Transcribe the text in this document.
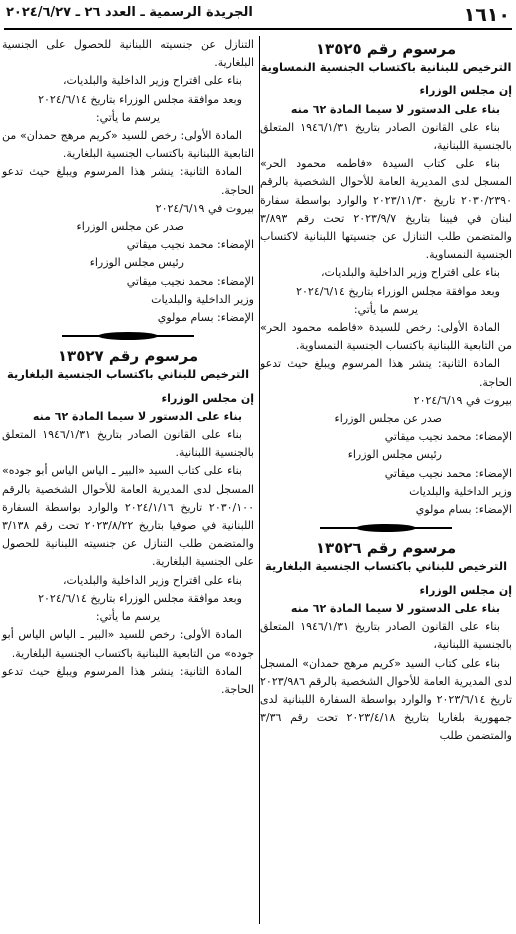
١٦١٠
الجريدة الرسمية ـ العدد ٢٦ ـ ٢٠٢٤/٦/٢٧
مرسوم رقم ١٣٥٢٥
الترخيص للبنانية باكتساب الجنسية النمساوية

إن مجلس الوزراء

بناء على الدستور لا سيما المادة ٦٢ منه

بناء على القانون الصادر بتاريخ ١٩٤٦/١/٣١ المتعلق بالجنسية اللبنانية،

بناء على كتاب السيدة «فاطمه محمود الحر» المسجل لدى المديرية العامة للأحوال الشخصية بالرقم ٢٠٣٠/٢٣٩٠ تاريخ ٢٠٢٣/١١/٣٠ والوارد بواسطة سفارة لبنان في فيينا بتاريخ ٢٠٢٣/٩/٧ تحت رقم ٣/٨٩٣ والمتضمن طلب التنازل عن جنسيتها اللبنانية لاكتساب الجنسية النمساوية.

بناء على اقتراح وزير الداخلية والبلديات،

وبعد موافقة مجلس الوزراء بتاريخ ٢٠٢٤/٦/١٤

يرسم ما يأتي:

المادة الأولى: رخص للسيدة «فاطمه محمود الحر» من التابعية اللبنانية باكتساب الجنسية النمساوية.

المادة الثانية: ينشر هذا المرسوم ويبلغ حيث تدعو الحاجة.

بيروت في ٢٠٢٤/٦/١٩

صدر عن مجلس الوزراء

الإمضاء: محمد نجيب ميقاتي

رئيس مجلس الوزراء

الإمضاء: محمد نجيب ميقاتي

وزير الداخلية والبلديات

الإمضاء: بسام مولوي

مرسوم رقم ١٣٥٢٦
الترخيص للبناني باكتساب الجنسية البلغارية

إن مجلس الوزراء

بناء على الدستور لا سيما المادة ٦٢ منه

بناء على القانون الصادر بتاريخ ١٩٤٦/١/٣١ المتعلق بالجنسية اللبنانية،

بناء على كتاب السيد «كريم مرهج حمدان» المسجل لدى المديرية العامة للأحوال الشخصية بالرقم ٢٠٢٣/٩٨٦ تاريخ ٢٠٢٣/٦/١٤ والوارد بواسطة السفارة اللبنانية لدى جمهورية بلغاريا بتاريخ ٢٠٢٣/٤/١٨ تحت رقم ٣/٣٦ والمتضمن طلب

التنازل عن جنسيته اللبنانية للحصول على الجنسية البلغارية.

بناء على اقتراح وزير الداخلية والبلديات،

وبعد موافقة مجلس الوزراء بتاريخ ٢٠٢٤/٦/١٤

يرسم ما يأتي:

المادة الأولى: رخص للسيد «كريم مرهج حمدان» من التابعية اللبنانية باكتساب الجنسية البلغارية.

المادة الثانية: ينشر هذا المرسوم ويبلغ حيث تدعو الحاجة.

بيروت في ٢٠٢٤/٦/١٩

صدر عن مجلس الوزراء

الإمضاء: محمد نجيب ميقاتي

رئيس مجلس الوزراء

الإمضاء: محمد نجيب ميقاتي

وزير الداخلية والبلديات

الإمضاء: بسام مولوي

مرسوم رقم ١٣٥٢٧
الترخيص للبناني باكتساب الجنسية البلغارية

إن مجلس الوزراء

بناء على الدستور لا سيما المادة ٦٢ منه

بناء على القانون الصادر بتاريخ ١٩٤٦/١/٣١ المتعلق بالجنسية اللبنانية.

بناء على كتاب السيد «البير ـ الياس الياس أبو جوده» المسجل لدى المديرية العامة للأحوال الشخصية بالرقم ٢٠٣٠/١٠٠ تاريخ ٢٠٢٤/١/١٦ والوارد بواسطة السفارة اللبنانية في صوفيا بتاريخ ٢٠٢٣/٨/٢٢ تحت رقم ٣/١٣٨ والمتضمن طلب التنازل عن جنسيته اللبنانية للحصول على الجنسية البلغارية.

بناء على اقتراح وزير الداخلية والبلديات،

وبعد موافقة مجلس الوزراء بتاريخ ٢٠٢٤/٦/١٤

يرسم ما يأتي:

المادة الأولى: رخص للسيد «البير ـ الياس الياس أبو جوده» من التابعية اللبنانية باكتساب الجنسية البلغارية.

المادة الثانية: ينشر هذا المرسوم ويبلغ حيث تدعو الحاجة.
